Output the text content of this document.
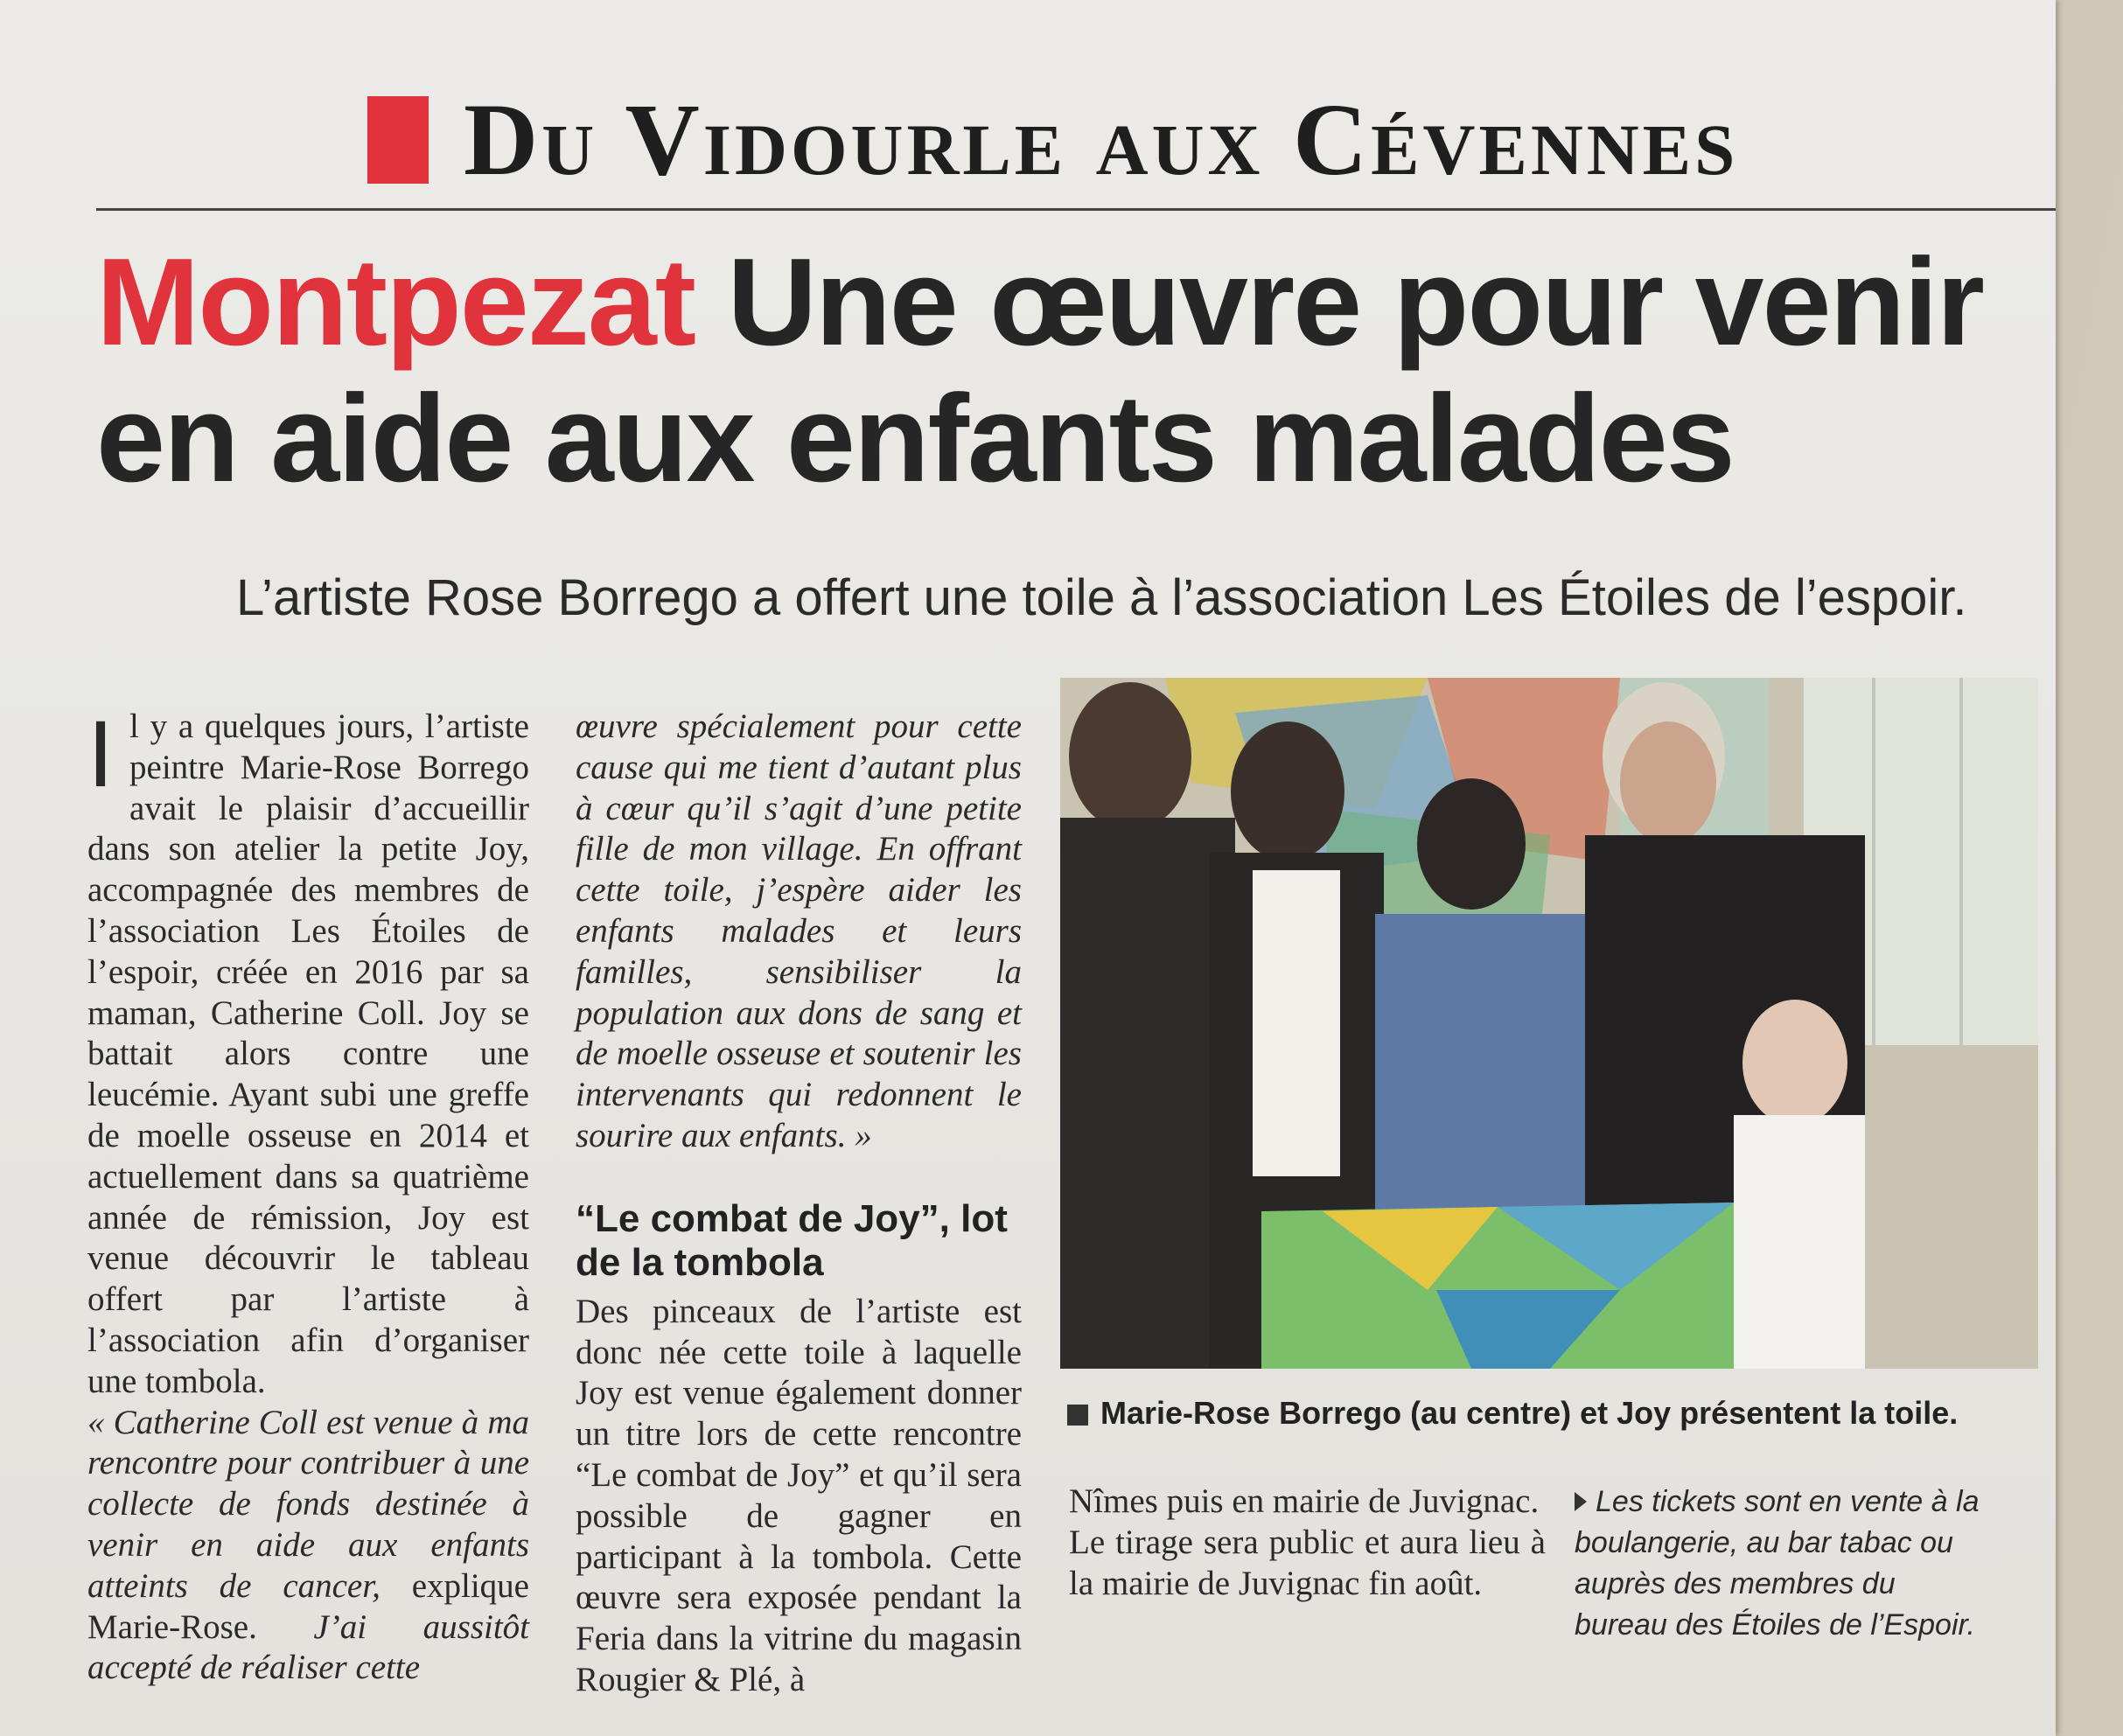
Du Vidourle aux Cévennes
Montpezat Une œuvre pour venir en aide aux enfants malades
L’artiste Rose Borrego a offert une toile à l’association Les Étoiles de l’espoir.

Il y a quelques jours, l’artiste peintre Marie-Rose Borrego avait le plaisir d’accueillir dans son atelier la petite Joy, accompagnée des membres de l’association Les Étoiles de l’espoir, créée en 2016 par sa maman, Catherine Coll. Joy se battait alors contre une leucémie. Ayant subi une greffe de moelle osseuse en 2014 et actuellement dans sa quatrième année de rémission, Joy est venue découvrir le tableau offert par l’artiste à l’association afin d’organiser une tombola.

« Catherine Coll est venue à ma rencontre pour contribuer à une collecte de fonds destinée à venir en aide aux enfants atteints de cancer, explique Marie-Rose. J’ai aussitôt accepté de réaliser cette

œuvre spécialement pour cette cause qui me tient d’autant plus à cœur qu’il s’agit d’une petite fille de mon village. En offrant cette toile, j’espère aider les enfants malades et leurs familles, sensibiliser la population aux dons de sang et de moelle osseuse et soutenir les intervenants qui redonnent le sourire aux enfants. »

“Le combat de Joy”, lot de la tombola

Des pinceaux de l’artiste est donc née cette toile à laquelle Joy est venue également donner un titre lors de cette rencontre “Le combat de Joy” et qu’il sera possible de gagner en participant à la tombola. Cette œuvre sera exposée pendant la Feria dans la vitrine du magasin Rougier & Plé, à

Marie-Rose Borrego (au centre) et Joy présentent la toile.

Nîmes puis en mairie de Juvignac.

Le tirage sera public et aura lieu à la mairie de Juvignac fin août.

Les tickets sont en vente à la boulangerie, au bar tabac ou auprès des membres du bureau des Étoiles de l’Espoir.
